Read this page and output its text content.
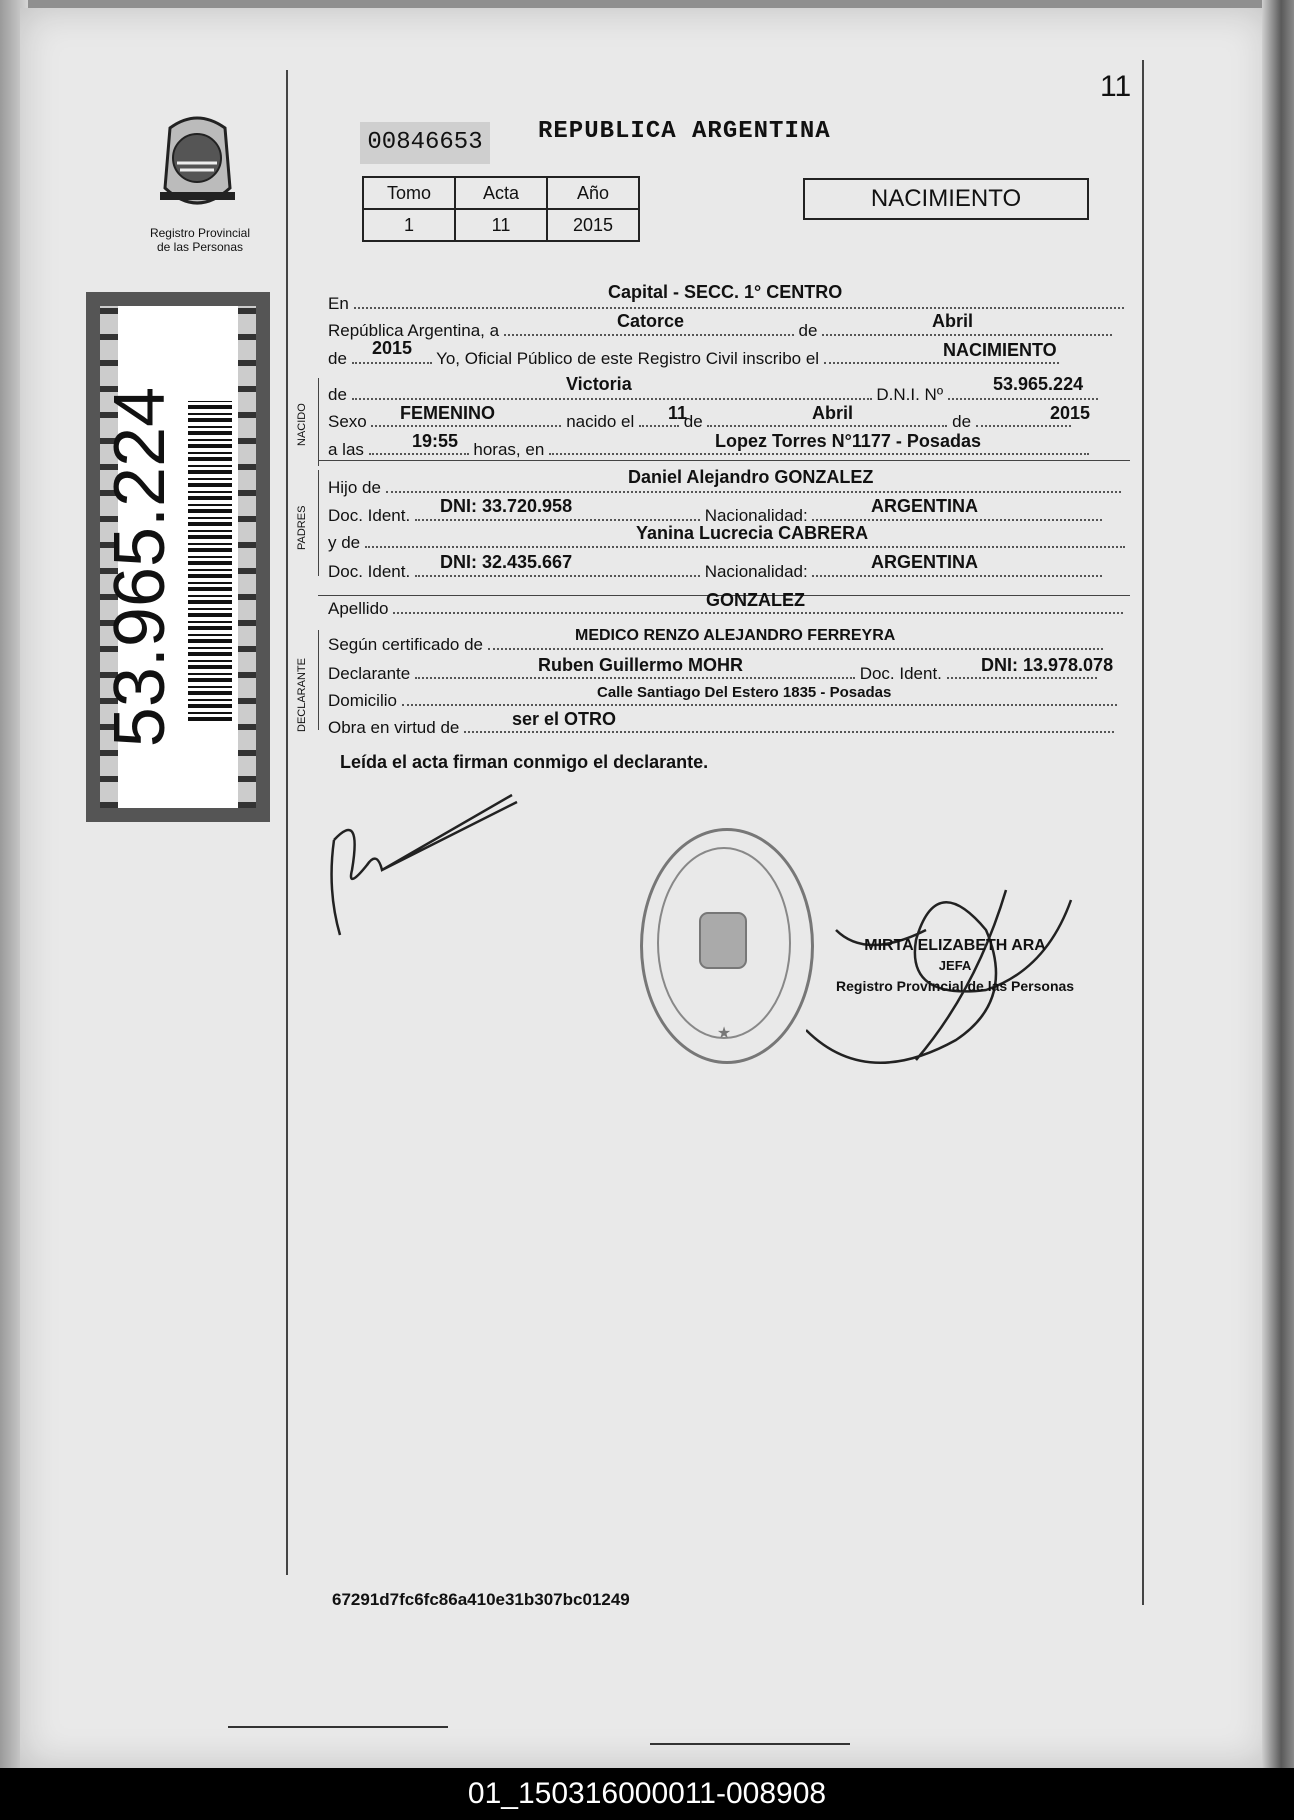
11
Registro Provincial
de las Personas
53.965.224
00846653	REPUBLICA ARGENTINA
Tomo	Acta	Año
1	11	2015
NACIMIENTO
NACIDO
PADRES
DECLARANTE
En
Capital - SECC. 1° CENTRO
República Argentina, a	de
Catorce	Abril
de	Yo, Oficial Público de este Registro Civil inscribo el
2015	NACIMIENTO
de	D.N.I. Nº
Victoria	53.965.224
Sexo	nacido el	de	de
FEMENINO	11	Abril	2015
a las	horas, en
19:55	Lopez Torres N°1177 - Posadas
Hijo de
Daniel Alejandro GONZALEZ
Doc. Ident.	Nacionalidad:
DNI: 33.720.958	ARGENTINA
y de	Yanina Lucrecia CABRERA
Doc. Ident.	Nacionalidad:
DNI: 32.435.667	ARGENTINA
Apellido	GONZALEZ
Según certificado de	MEDICO RENZO ALEJANDRO FERREYRA
Declarante	Doc. Ident.
Ruben Guillermo MOHR	DNI: 13.978.078
Domicilio	Calle Santiago Del Estero 1835 - Posadas
Obra en virtud de	ser el OTRO
Leída el acta firman conmigo el declarante.
★
MIRTA ELIZABETH ARA
JEFA
Registro Provincial de las Personas
67291d7fc6fc86a410e31b307bc01249
01_150316000011-008908
